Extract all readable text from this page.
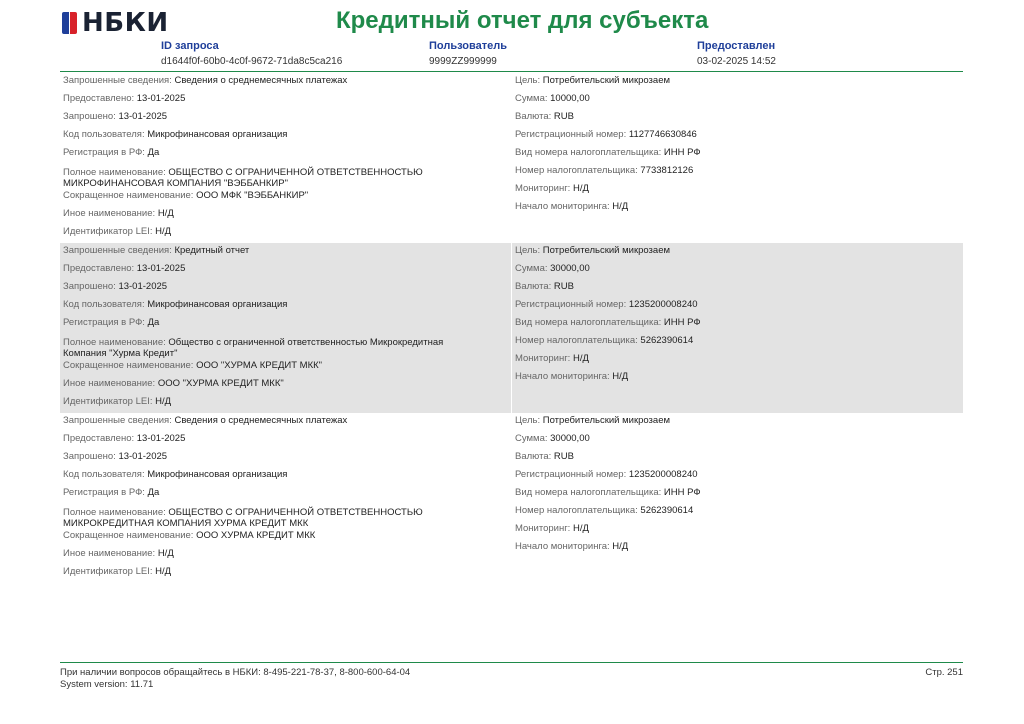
НБКИ	Кредитный отчет для субъекта
ID запроса
d1644f0f-60b0-4c0f-9672-71da8c5ca216
Пользователь
9999ZZ999999
Предоставлен
03-02-2025 14:52
Запрошенные сведения: Сведения о среднемесячных платежах
Предоставлено: 13-01-2025
Запрошено: 13-01-2025
Код пользователя: Микрофинансовая организация
Регистрация в РФ: Да
Полное наименование: ОБЩЕСТВО С ОГРАНИЧЕННОЙ ОТВЕТСТВЕННОСТЬЮ МИКРОФИНАНСОВАЯ КОМПАНИЯ "ВЭББАНКИР"
Сокращенное наименование: ООО МФК "ВЭББАНКИР"
Иное наименование: Н/Д
Идентификатор LEI: Н/Д
Цель: Потребительский микрозаем
Сумма: 10000,00
Валюта: RUB
Регистрационный номер: 1127746630846
Вид номера налогоплательщика: ИНН РФ
Номер налогоплательщика: 7733812126
Мониторинг: Н/Д
Начало мониторинга: Н/Д
Запрошенные сведения: Кредитный отчет
Предоставлено: 13-01-2025
Запрошено: 13-01-2025
Код пользователя: Микрофинансовая организация
Регистрация в РФ: Да
Полное наименование: Общество с ограниченной ответственностью Микрокредитная Компания "Хурма Кредит"
Сокращенное наименование: ООО "ХУРМА КРЕДИТ МКК"
Иное наименование: ООО "ХУРМА КРЕДИТ МКК"
Идентификатор LEI: Н/Д
Цель: Потребительский микрозаем
Сумма: 30000,00
Валюта: RUB
Регистрационный номер: 1235200008240
Вид номера налогоплательщика: ИНН РФ
Номер налогоплательщика: 5262390614
Мониторинг: Н/Д
Начало мониторинга: Н/Д
Запрошенные сведения: Сведения о среднемесячных платежах
Предоставлено: 13-01-2025
Запрошено: 13-01-2025
Код пользователя: Микрофинансовая организация
Регистрация в РФ: Да
Полное наименование: ОБЩЕСТВО С ОГРАНИЧЕННОЙ ОТВЕТСТВЕННОСТЬЮ МИКРОКРЕДИТНАЯ КОМПАНИЯ ХУРМА КРЕДИТ МКК
Сокращенное наименование: ООО ХУРМА КРЕДИТ МКК
Иное наименование: Н/Д
Идентификатор LEI: Н/Д
Цель: Потребительский микрозаем
Сумма: 30000,00
Валюта: RUB
Регистрационный номер: 1235200008240
Вид номера налогоплательщика: ИНН РФ
Номер налогоплательщика: 5262390614
Мониторинг: Н/Д
Начало мониторинга: Н/Д
При наличии вопросов обращайтесь в НБКИ: 8-495-221-78-37, 8-800-600-64-04
System version: 11.71
Стр. 251
